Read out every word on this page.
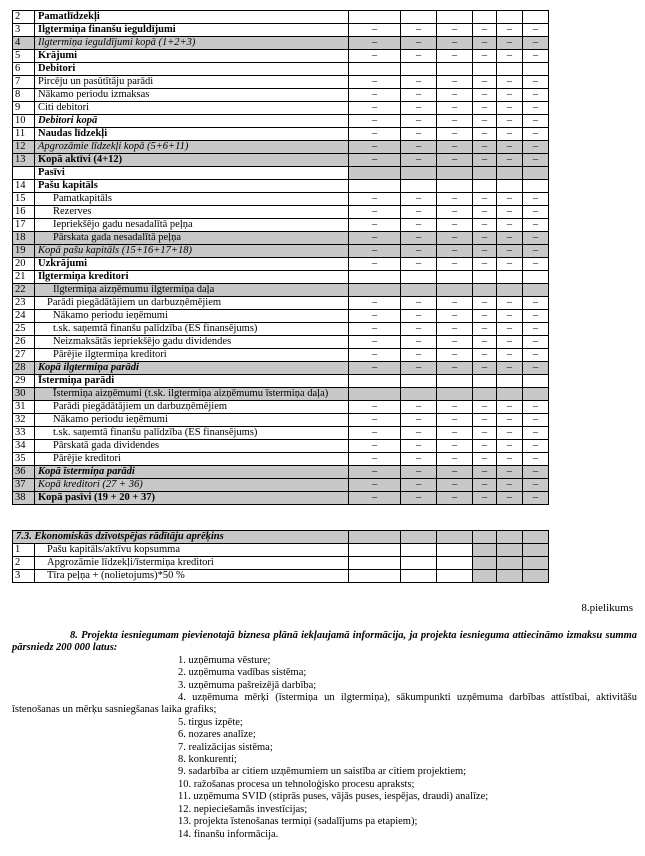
2	Pamatlīdzekļi						
3	Ilgtermiņa finanšu ieguldījumi	–	–	–	–	–	–
4	Ilgtermiņa ieguldījumi kopā (1+2+3)	–	–	–	–	–	–
5	Krājumi	–	–	–	–	–	–
6	Debitori						
7	Pircēju un pasūtītāju parādi	–	–	–	–	–	–
8	Nākamo periodu izmaksas	–	–	–	–	–	–
9	Citi debitori	–	–	–	–	–	–
10	Debitori kopā	–	–	–	–	–	–
11	Naudas līdzekļi	–	–	–	–	–	–
12	Apgrozāmie līdzekļi kopā (5+6+11)	–	–	–	–	–	–
13	Kopā aktīvi (4+12)	–	–	–	–	–	–
	Pasīvi						
14	Pašu kapitāls						
15	Pamatkapitāls	–	–	–	–	–	–
16	Rezerves	–	–	–	–	–	–
17	Iepriekšējo gadu nesadalītā peļņa	–	–	–	–	–	–
18	Pārskata gada nesadalītā peļņa	–	–	–	–	–	–
19	Kopā pašu kapitāls (15+16+17+18)	–	–	–	–	–	–
20	Uzkrājumi	–	–	–	–	–	–
21	Ilgtermiņa kreditori						
22	Ilgtermiņa aizņēmumu ilgtermiņa daļa						
23	Parādi piegādātājiem un darbuzņēmējiem	–	–	–	–	–	–
24	Nākamo periodu ieņēmumi	–	–	–	–	–	–
25	t.sk. saņemtā finanšu palīdzība (ES finansējums)	–	–	–	–	–	–
26	Neizmaksātās iepriekšējo gadu dividendes	–	–	–	–	–	–
27	Pārējie ilgtermiņa kreditori	–	–	–	–	–	–
28	Kopā ilgtermiņa parādi	–	–	–	–	–	–
29	Īstermiņa parādi						
30	Īstermiņa aizņēmumi (t.sk. ilgtermiņa aizņēmumu īstermiņa daļa)						
31	Parādi piegādātājiem un darbuzņēmējiem	–	–	–	–	–	–
32	Nākamo periodu ieņēmumi	–	–	–	–	–	–
33	t.sk. saņemtā finanšu palīdzība (ES finansējums)	–	–	–	–	–	–
34	Pārskatā gada dividendes	–	–	–	–	–	–
35	Pārējie kreditori	–	–	–	–	–	–
36	Kopā īstermiņa parādi	–	–	–	–	–	–
37	Kopā kreditori (27 + 36)	–	–	–	–	–	–
38	Kopā pasīvi (19 + 20 + 37)	–	–	–	–	–	–
7.3. Ekonomiskās dzīvotspējas rādītāju aprēķins							
1	Pašu kapitāls/aktīvu kopsumma						
2	Apgrozāmie līdzekļi/īstermiņa kreditori						
3	Tīra peļņa + (nolietojums)*50 %						
8.pielikums
8. Projekta iesniegumam pievienotajā biznesa plānā iekļaujamā informācija, ja projekta iesnieguma attiecināmo izmaksu summa pārsniedz 200 000 latus:
1. uzņēmuma vēsture;
2. uzņēmuma vadības sistēma;
3. uzņēmuma pašreizējā darbība;
4. uzņēmuma mērķi (īstermiņa un ilgtermiņa), sākumpunkti uzņēmuma darbības attīstībai, aktivitāšu īstenošanas un mērķu sasniegšanas laika grafiks;
5. tirgus izpēte;
6. nozares analīze;
7. realizācijas sistēma;
8. konkurenti;
9. sadarbība ar citiem uzņēmumiem un saistība ar citiem projektiem;
10. ražošanas procesa un tehnoloģisko procesu apraksts;
11. uzņēmuma SVID (stiprās puses, vājās puses, iespējas, draudi) analīze;
12. nepieciešamās investīcijas;
13. projekta īstenošanas termiņi (sadalījums pa etapiem);
14. finanšu informācija.
